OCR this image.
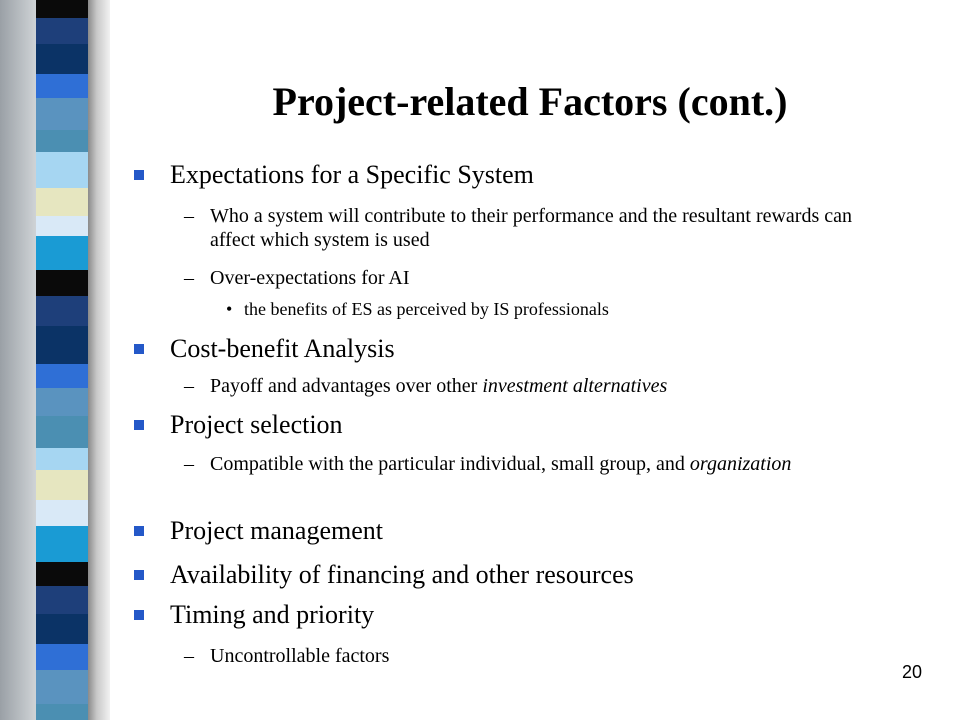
Project-related Factors (cont.)
Expectations for a Specific System
– Who a system will contribute to their performance and the resultant rewards can affect which system is used
– Over-expectations for AI
• the benefits of ES as perceived by IS professionals
Cost-benefit Analysis
– Payoff and advantages over other investment alternatives
Project selection
– Compatible with the particular individual, small group, and organization
Project management
Availability of financing and other resources
Timing and priority
– Uncontrollable factors
20
